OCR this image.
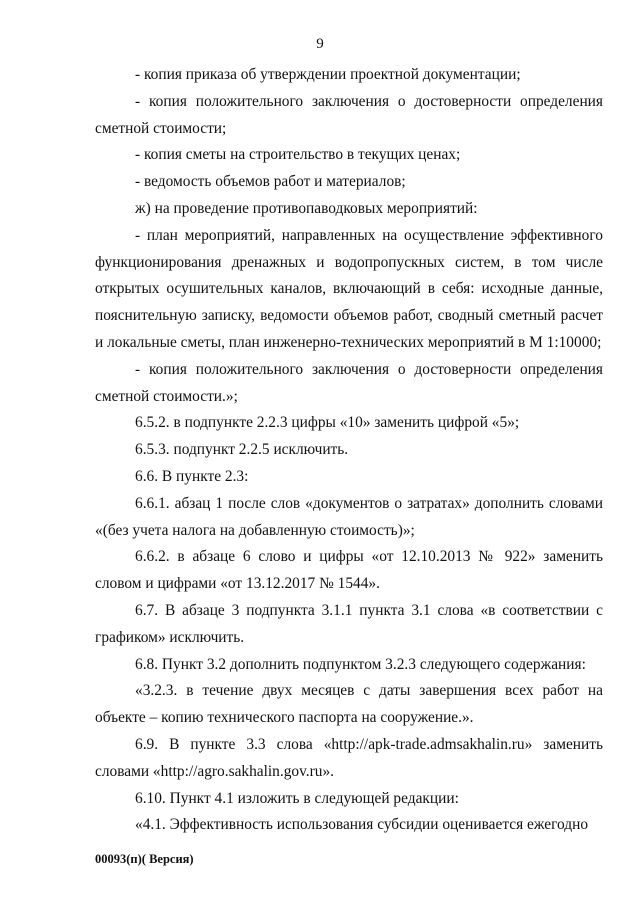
9

- копия приказа об утверждении проектной документации;

- копия положительного заключения о достоверности определения сметной стоимости;

- копия сметы на строительство в текущих ценах;

- ведомость объемов работ и материалов;

ж) на проведение противопаводковых мероприятий:

- план мероприятий, направленных на осуществление эффективного функционирования дренажных и водопропускных систем, в том числе открытых осушительных каналов, включающий в себя: исходные данные, пояснительную записку, ведомости объемов работ, сводный сметный расчет и локальные сметы, план инженерно-технических мероприятий в М 1:10000;

- копия положительного заключения о достоверности определения сметной стоимости.»;

6.5.2. в подпункте 2.2.3 цифры «10» заменить цифрой «5»;

6.5.3. подпункт 2.2.5 исключить.

6.6. В пункте 2.3:

6.6.1. абзац 1 после слов «документов о затратах» дополнить словами «(без учета налога на добавленную стоимость)»;

6.6.2. в абзаце 6 слово и цифры «от 12.10.2013 № 922» заменить словом и цифрами «от 13.12.2017 № 1544».

6.7. В абзаце 3 подпункта 3.1.1 пункта 3.1 слова «в соответствии с графиком» исключить.

6.8. Пункт 3.2 дополнить подпунктом 3.2.3 следующего содержания:

«3.2.3. в течение двух месяцев с даты завершения всех работ на объекте – копию технического паспорта на сооружение.».

6.9. В пункте 3.3 слова «http://apk-trade.admsakhalin.ru» заменить словами «http://agro.sakhalin.gov.ru».

6.10. Пункт 4.1 изложить в следующей редакции:

«4.1. Эффективность использования субсидии оценивается ежегодно

00093(п)( Версия)
